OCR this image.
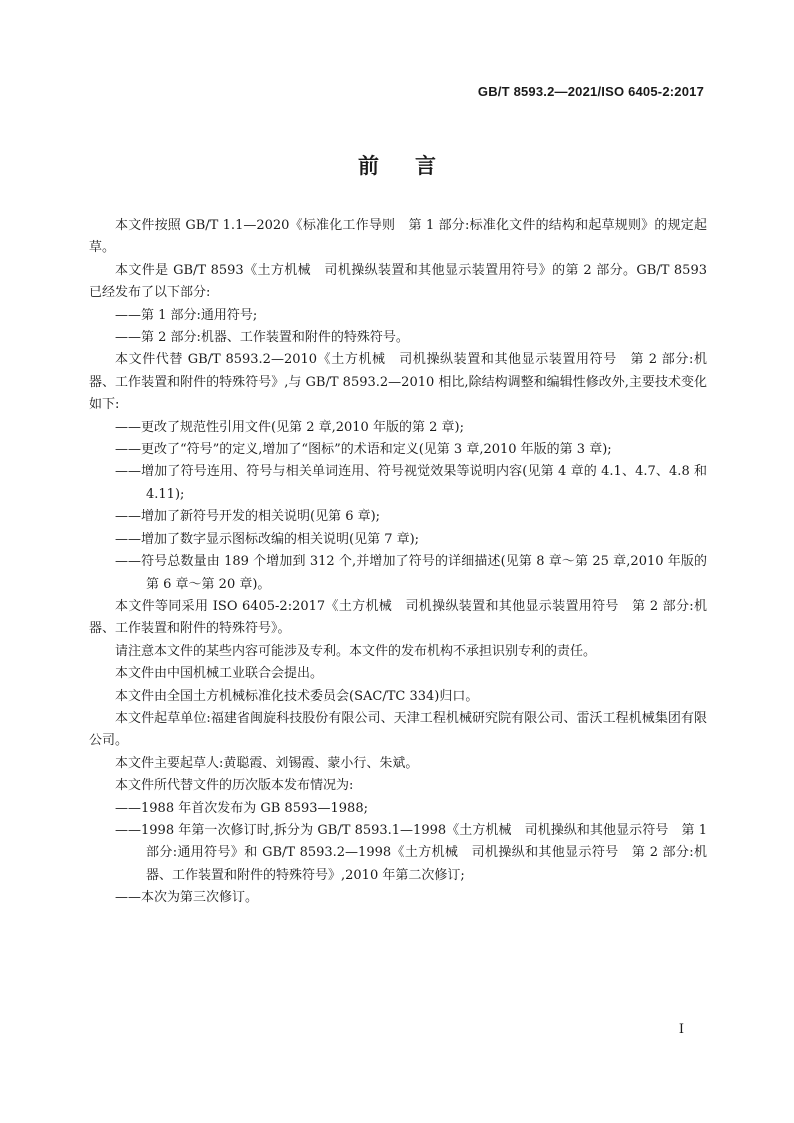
GB/T 8593.2—2021/ISO 6405-2:2017
前言

本文件按照 GB/T 1.1—2020《标准化工作导则　第 1 部分:标准化文件的结构和起草规则》的规定起草。

本文件是 GB/T 8593《土方机械　司机操纵装置和其他显示装置用符号》的第 2 部分。GB/T 8593 已经发布了以下部分:

——第 1 部分:通用符号;

——第 2 部分:机器、工作装置和附件的特殊符号。

本文件代替 GB/T 8593.2—2010《土方机械　司机操纵装置和其他显示装置用符号　第 2 部分:机器、工作装置和附件的特殊符号》,与 GB/T 8593.2—2010 相比,除结构调整和编辑性修改外,主要技术变化如下:

——更改了规范性引用文件(见第 2 章,2010 年版的第 2 章);

——更改了“符号”的定义,增加了“图标”的术语和定义(见第 3 章,2010 年版的第 3 章);

——增加了符号连用、符号与相关单词连用、符号视觉效果等说明内容(见第 4 章的 4.1、4.7、4.8 和 4.11);

——增加了新符号开发的相关说明(见第 6 章);

——增加了数字显示图标改编的相关说明(见第 7 章);

——符号总数量由 189 个增加到 312 个,并增加了符号的详细描述(见第 8 章～第 25 章,2010 年版的第 6 章～第 20 章)。

本文件等同采用 ISO 6405-2:2017《土方机械　司机操纵装置和其他显示装置用符号　第 2 部分:机器、工作装置和附件的特殊符号》。

请注意本文件的某些内容可能涉及专利。本文件的发布机构不承担识别专利的责任。

本文件由中国机械工业联合会提出。

本文件由全国土方机械标准化技术委员会(SAC/TC 334)归口。

本文件起草单位:福建省闽旋科技股份有限公司、天津工程机械研究院有限公司、雷沃工程机械集团有限公司。

本文件主要起草人:黄聪霞、刘锡霞、蒙小行、朱斌。

本文件所代替文件的历次版本发布情况为:

——1988 年首次发布为 GB 8593—1988;

——1998 年第一次修订时,拆分为 GB/T 8593.1—1998《土方机械　司机操纵和其他显示符号　第 1 部分:通用符号》和 GB/T 8593.2—1998《土方机械　司机操纵和其他显示符号　第 2 部分:机器、工作装置和附件的特殊符号》,2010 年第二次修订;

——本次为第三次修订。

I
